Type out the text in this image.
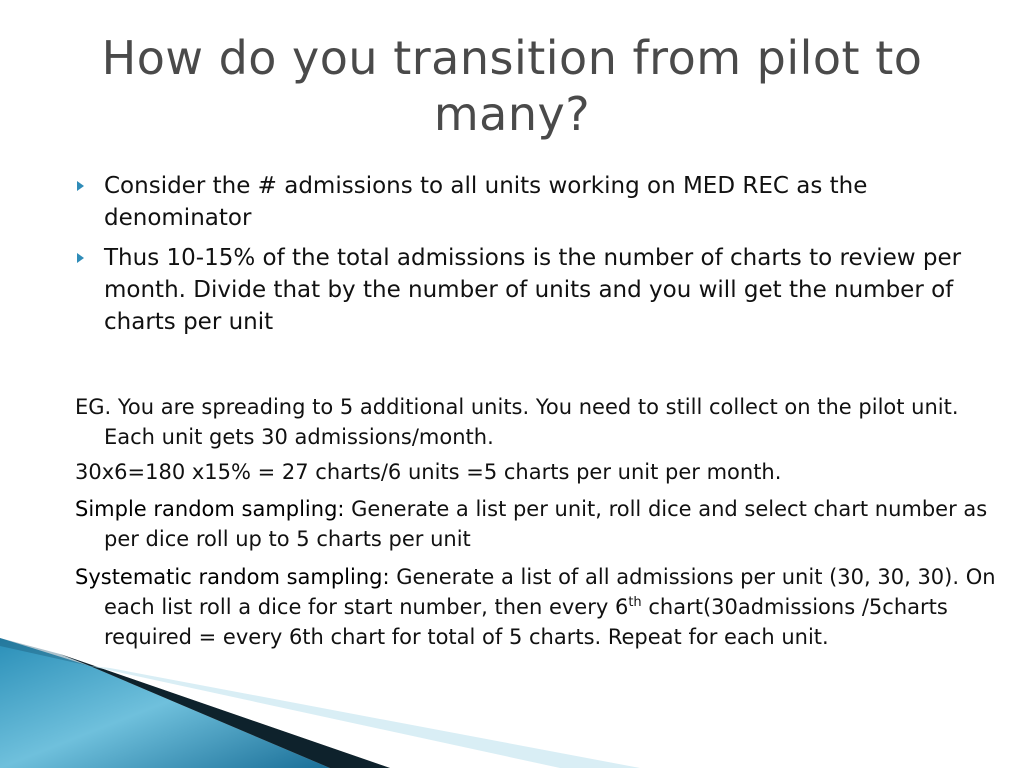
How do you transition from pilot to many?
Consider the # admissions to all units working on MED REC as the denominator
Thus 10-15% of the total admissions is the number of charts to review per month. Divide that by the number of units and you will get the number of charts per unit
EG. You are spreading to 5 additional units. You need to still collect on the pilot unit. Each unit gets 30 admissions/month.
30x6=180 x15% = 27 charts/6 units =5 charts per unit per month.
Simple random sampling: Generate a list per unit, roll dice and select chart number as per dice roll up to 5 charts per unit
Systematic random sampling: Generate a list of all admissions per unit (30, 30, 30). On each list roll a dice for start number, then every 6th chart(30admissions /5charts required = every 6th chart for total of 5 charts. Repeat for each unit.
